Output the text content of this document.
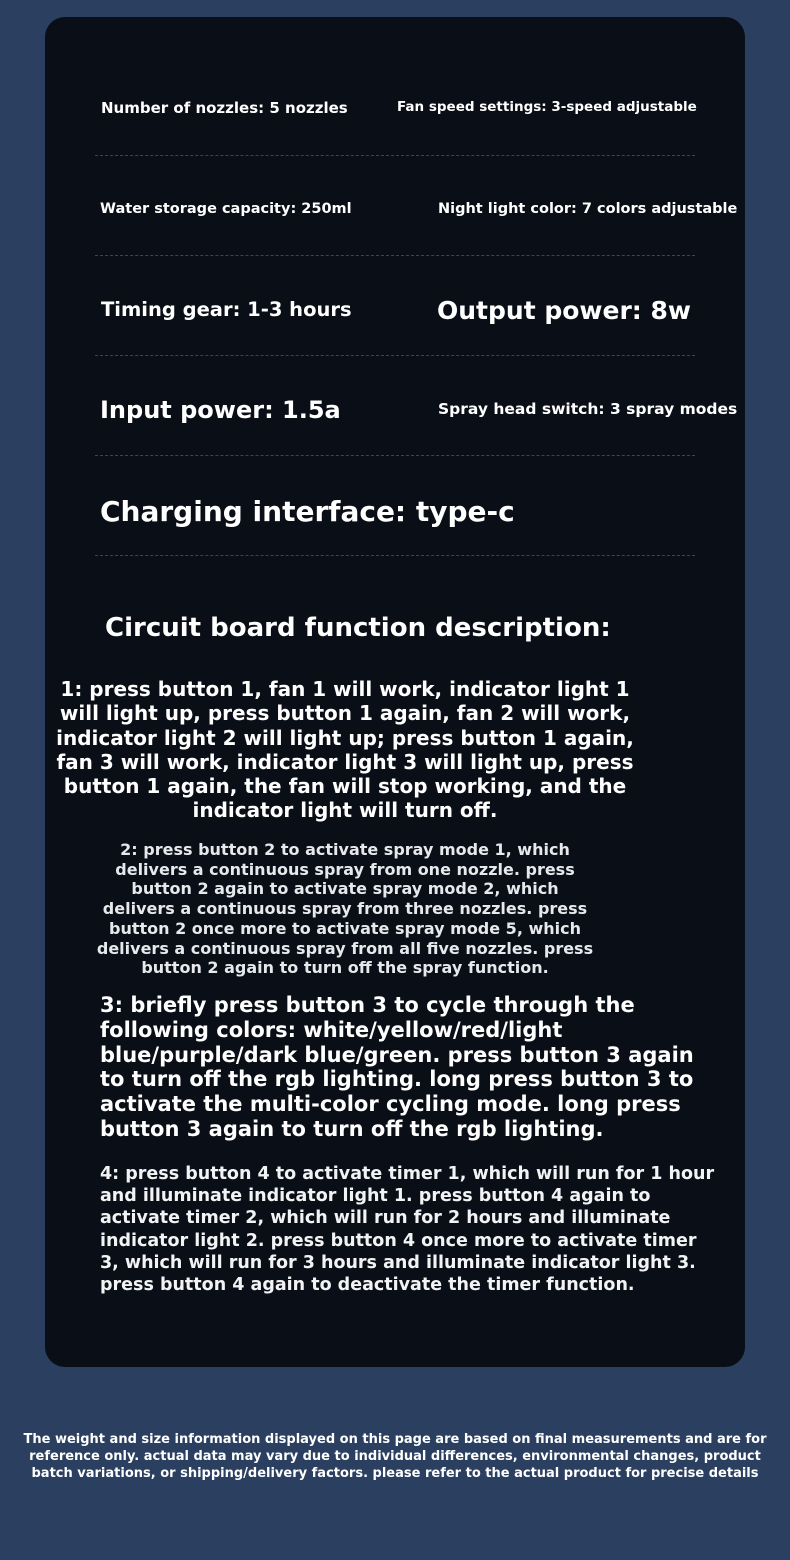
Number of nozzles: 5 nozzles	Fan speed settings: 3-speed adjustable
Water storage capacity: 250ml	Night light color: 7 colors adjustable
Timing gear: 1-3 hours	Output power: 8w
Input power: 1.5a	Spray head switch: 3 spray modes
Charging interface: type-c
Circuit board function description:
1: press button 1, fan 1 will work, indicator light 1 will light up, press button 1 again, fan 2 will work, indicator light 2 will light up; press button 1 again, fan 3 will work, indicator light 3 will light up, press button 1 again, the fan will stop working, and the indicator light will turn off.
2: press button 2 to activate spray mode 1, which delivers a continuous spray from one nozzle. press button 2 again to activate spray mode 2, which delivers a continuous spray from three nozzles. press button 2 once more to activate spray mode 5, which delivers a continuous spray from all five nozzles. press button 2 again to turn off the spray function.
3: briefly press button 3 to cycle through the following colors: white/yellow/red/light blue/purple/dark blue/green. press button 3 again to turn off the rgb lighting. long press button 3 to activate the multi-color cycling mode. long press button 3 again to turn off the rgb lighting.
4: press button 4 to activate timer 1, which will run for 1 hour and illuminate indicator light 1. press button 4 again to activate timer 2, which will run for 2 hours and illuminate indicator light 2. press button 4 once more to activate timer 3, which will run for 3 hours and illuminate indicator light 3. press button 4 again to deactivate the timer function.
The weight and size information displayed on this page are based on final measurements and are for reference only. actual data may vary due to individual differences, environmental changes, product batch variations, or shipping/delivery factors. please refer to the actual product for precise details
